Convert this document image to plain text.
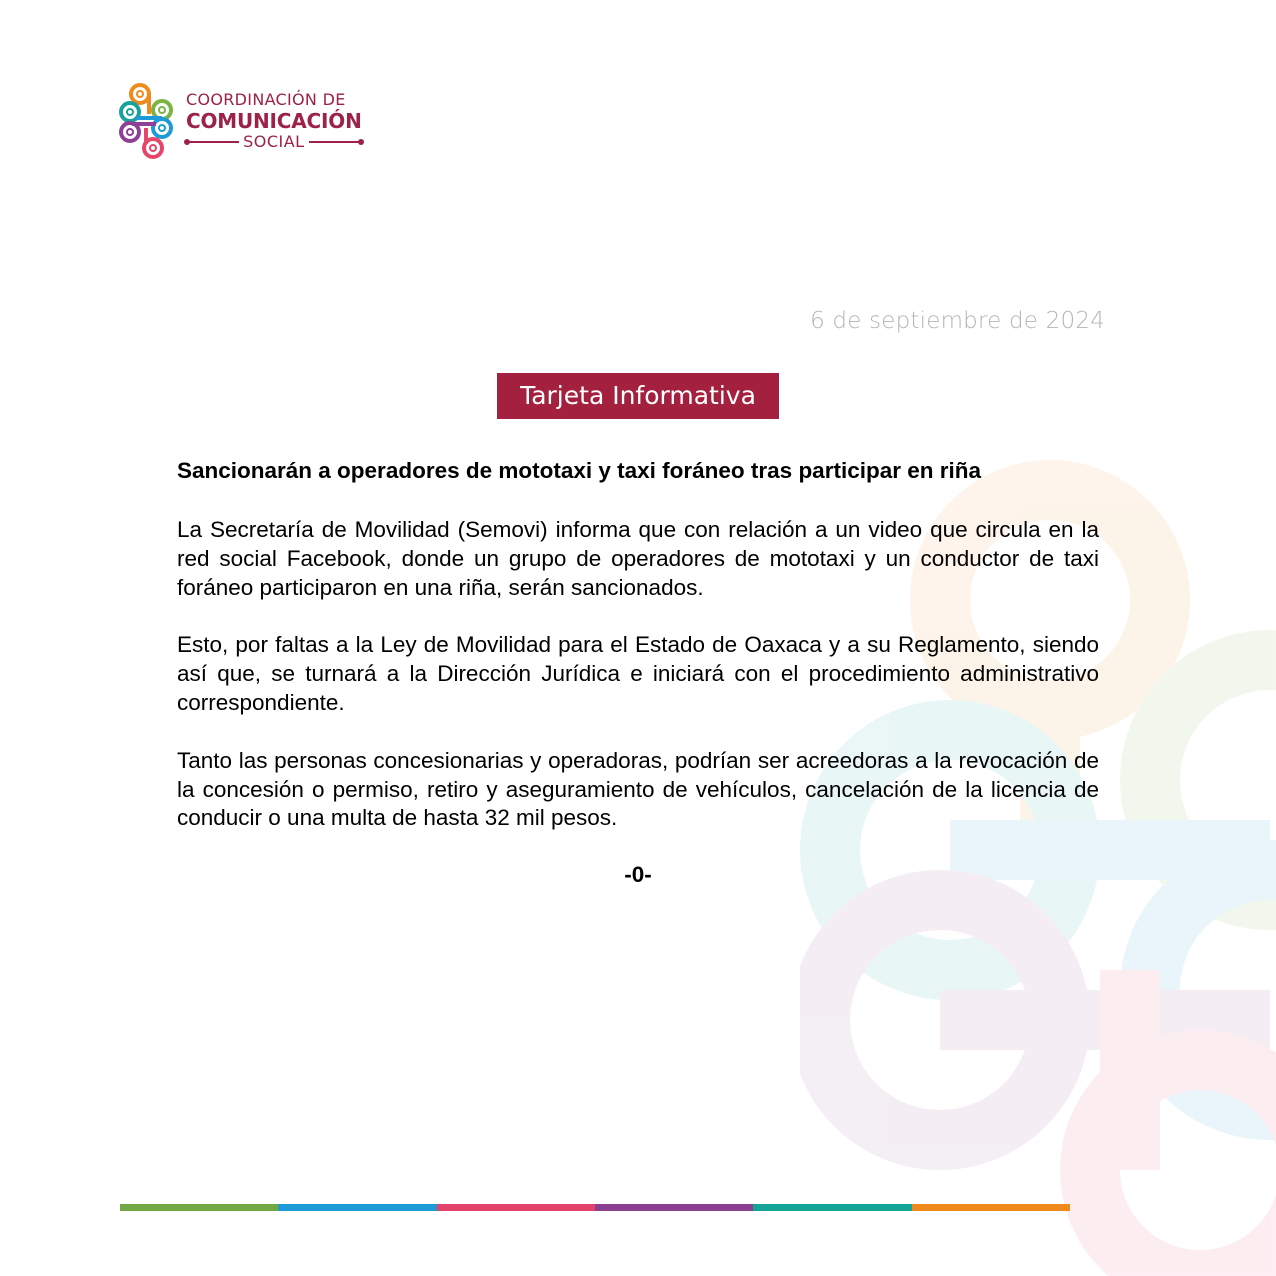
COORDINACIÓN DE
COMUNICACIÓN
SOCIAL
6 de septiembre de 2024
Tarjeta Informativa
Sancionarán a operadores de mototaxi y taxi foráneo tras participar en riña

La Secretaría de Movilidad (Semovi) informa que con relación a un video que circula en la red social Facebook, donde un grupo de operadores de mototaxi y un conductor de taxi foráneo participaron en una riña, serán sancionados.

Esto, por faltas a la Ley de Movilidad para el Estado de Oaxaca y a su Reglamento, siendo así que, se turnará a la Dirección Jurídica e iniciará con el procedimiento administrativo correspondiente.

Tanto las personas concesionarias y operadoras, podrían ser acreedoras a la revocación de la concesión o permiso, retiro y aseguramiento de vehículos, cancelación de la licencia de conducir o una multa de hasta 32 mil pesos.

-0-
